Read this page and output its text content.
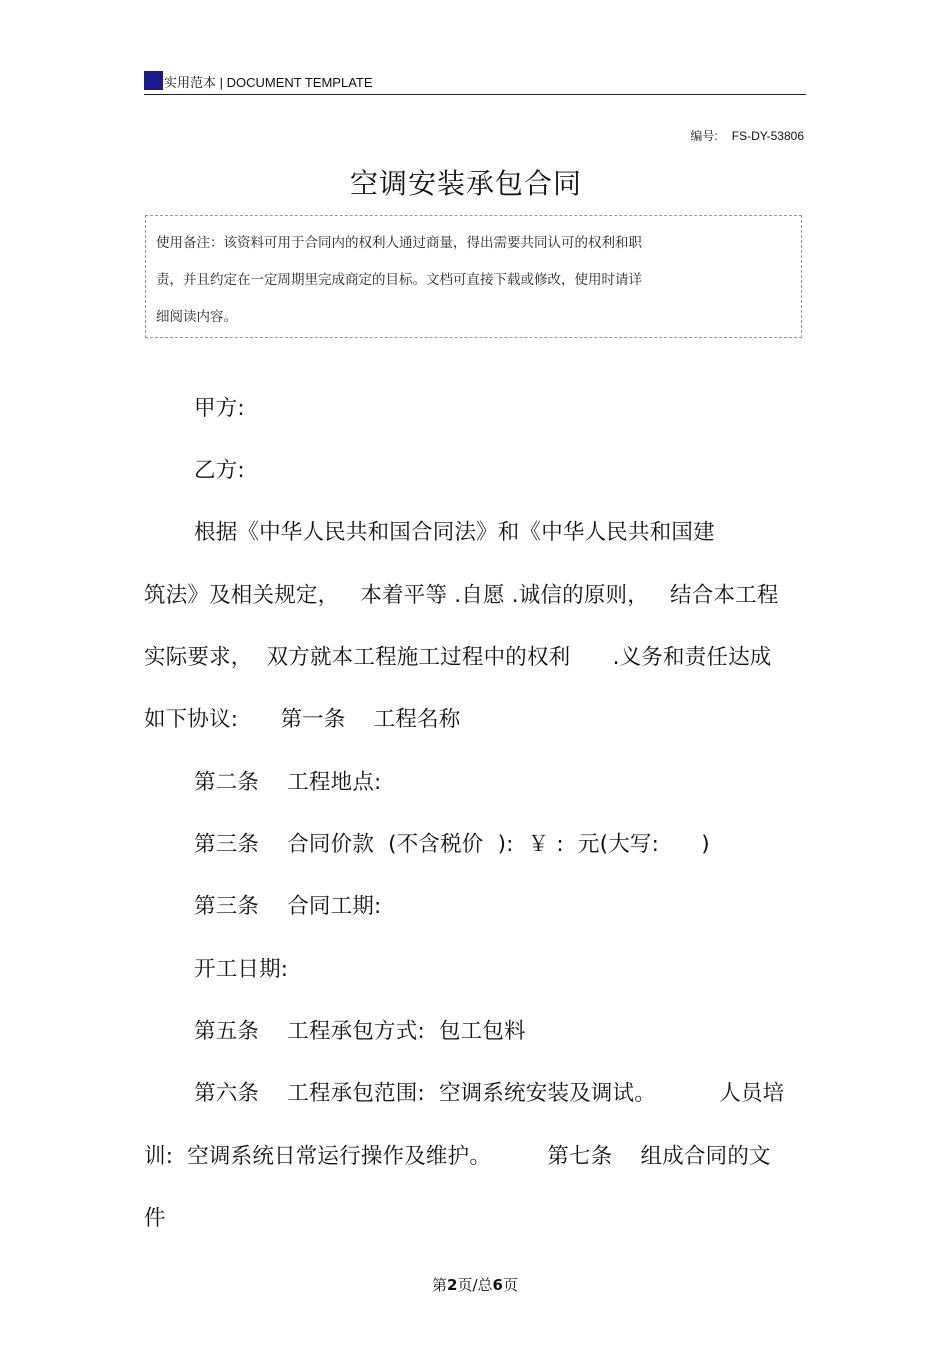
实用范本 | DOCUMENT TEMPLATE
编号: FS-DY-53806
空调安装承包合同
使用备注：该资料可用于合同内的权利人通过商量，得出需要共同认可的权利和职
责，并且约定在一定周期里完成商定的目标。文档可直接下载或修改，使用时请详
细阅读内容。
甲方:
乙方:
根据《中华人民共和国合同法》和《中华人民共和国建
筑法》及相关规定，   本着平等 .自愿 .诚信的原则，   结合本工程
实际要求，  双方就本工程施工过程中的权利      .义务和责任达成
如下协议:      第一条    工程名称
第二条    工程地点:
第三条    合同价款  (不含税价  ):  ￥ :  元(大写:      )
第三条    合同工期:
开工日期:
第五条    工程承包方式:  包工包料
第六条    工程承包范围:  空调系统安装及调试。         人员培
训:  空调系统日常运行操作及维护。        第七条    组成合同的文
件
第2页/总6页
